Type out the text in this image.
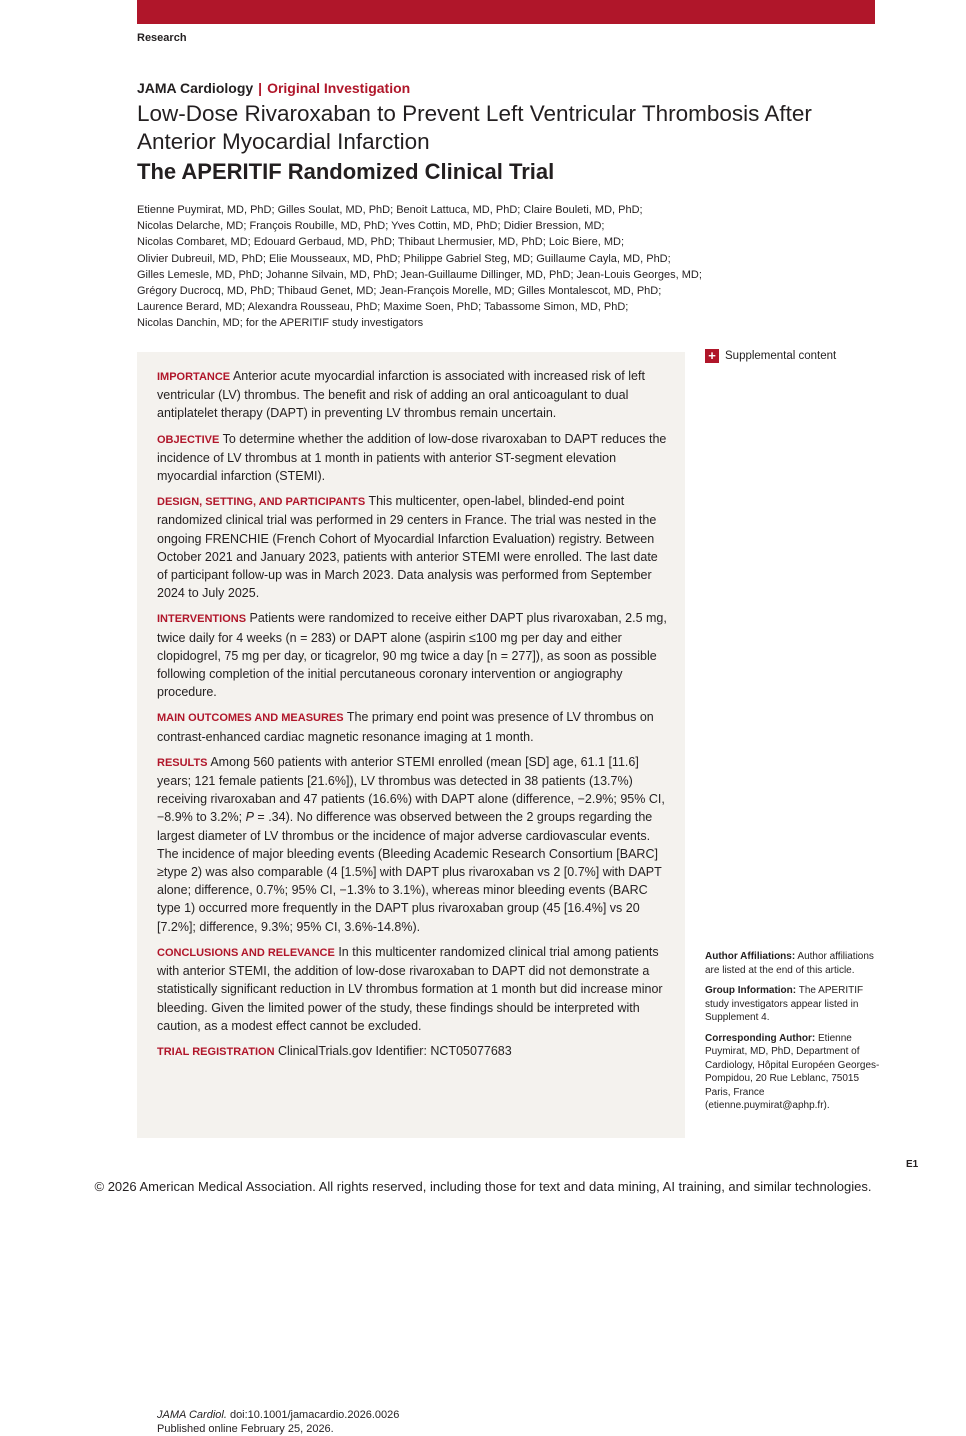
Research
JAMA Cardiology | Original Investigation
Low-Dose Rivaroxaban to Prevent Left Ventricular Thrombosis After Anterior Myocardial Infarction
The APERITIF Randomized Clinical Trial
Etienne Puymirat, MD, PhD; Gilles Soulat, MD, PhD; Benoit Lattuca, MD, PhD; Claire Bouleti, MD, PhD;
Nicolas Delarche, MD; François Roubille, MD, PhD; Yves Cottin, MD, PhD; Didier Bression, MD;
Nicolas Combaret, MD; Edouard Gerbaud, MD, PhD; Thibaut Lhermusier, MD, PhD; Loic Biere, MD;
Olivier Dubreuil, MD, PhD; Elie Mousseaux, MD, PhD; Philippe Gabriel Steg, MD; Guillaume Cayla, MD, PhD;
Gilles Lemesle, MD, PhD; Johanne Silvain, MD, PhD; Jean-Guillaume Dillinger, MD, PhD; Jean-Louis Georges, MD;
Grégory Ducrocq, MD, PhD; Thibaud Genet, MD; Jean-François Morelle, MD; Gilles Montalescot, MD, PhD;
Laurence Berard, MD; Alexandra Rousseau, PhD; Maxime Soen, PhD; Tabassome Simon, MD, PhD;
Nicolas Danchin, MD; for the APERITIF study investigators

IMPORTANCE Anterior acute myocardial infarction is associated with increased risk of left ventricular (LV) thrombus. The benefit and risk of adding an oral anticoagulant to dual antiplatelet therapy (DAPT) in preventing LV thrombus remain uncertain.

OBJECTIVE To determine whether the addition of low-dose rivaroxaban to DAPT reduces the incidence of LV thrombus at 1 month in patients with anterior ST-segment elevation myocardial infarction (STEMI).

DESIGN, SETTING, AND PARTICIPANTS This multicenter, open-label, blinded-end point randomized clinical trial was performed in 29 centers in France. The trial was nested in the ongoing FRENCHIE (French Cohort of Myocardial Infarction Evaluation) registry. Between October 2021 and January 2023, patients with anterior STEMI were enrolled. The last date of participant follow-up was in March 2023. Data analysis was performed from September 2024 to July 2025.

INTERVENTIONS Patients were randomized to receive either DAPT plus rivaroxaban, 2.5 mg, twice daily for 4 weeks (n = 283) or DAPT alone (aspirin ≤100 mg per day and either clopidogrel, 75 mg per day, or ticagrelor, 90 mg twice a day [n = 277]), as soon as possible following completion of the initial percutaneous coronary intervention or angiography procedure.

MAIN OUTCOMES AND MEASURES The primary end point was presence of LV thrombus on contrast-enhanced cardiac magnetic resonance imaging at 1 month.

RESULTS Among 560 patients with anterior STEMI enrolled (mean [SD] age, 61.1 [11.6] years; 121 female patients [21.6%]), LV thrombus was detected in 38 patients (13.7%) receiving rivaroxaban and 47 patients (16.6%) with DAPT alone (difference, −2.9%; 95% CI, −8.9% to 3.2%; P = .34). No difference was observed between the 2 groups regarding the largest diameter of LV thrombus or the incidence of major adverse cardiovascular events. The incidence of major bleeding events (Bleeding Academic Research Consortium [BARC] ≥type 2) was also comparable (4 [1.5%] with DAPT plus rivaroxaban vs 2 [0.7%] with DAPT alone; difference, 0.7%; 95% CI, −1.3% to 3.1%), whereas minor bleeding events (BARC type 1) occurred more frequently in the DAPT plus rivaroxaban group (45 [16.4%] vs 20 [7.2%]; difference, 9.3%; 95% CI, 3.6%-14.8%).

CONCLUSIONS AND RELEVANCE In this multicenter randomized clinical trial among patients with anterior STEMI, the addition of low-dose rivaroxaban to DAPT did not demonstrate a statistically significant reduction in LV thrombus formation at 1 month but did increase minor bleeding. Given the limited power of the study, these findings should be interpreted with caution, as a modest effect cannot be excluded.

TRIAL REGISTRATION ClinicalTrials.gov Identifier: NCT05077683

JAMA Cardiol. doi:10.1001/jamacardio.2026.0026
Published online February 25, 2026.
+ Supplemental content

Author Affiliations: Author affiliations are listed at the end of this article.

Group Information: The APERITIF study investigators appear listed in Supplement 4.

Corresponding Author: Etienne Puymirat, MD, PhD, Department of Cardiology, Hôpital Européen Georges-Pompidou, 20 Rue Leblanc, 75015 Paris, France (etienne.puymirat@aphp.fr).

E1
© 2026 American Medical Association. All rights reserved, including those for text and data mining, AI training, and similar technologies.
